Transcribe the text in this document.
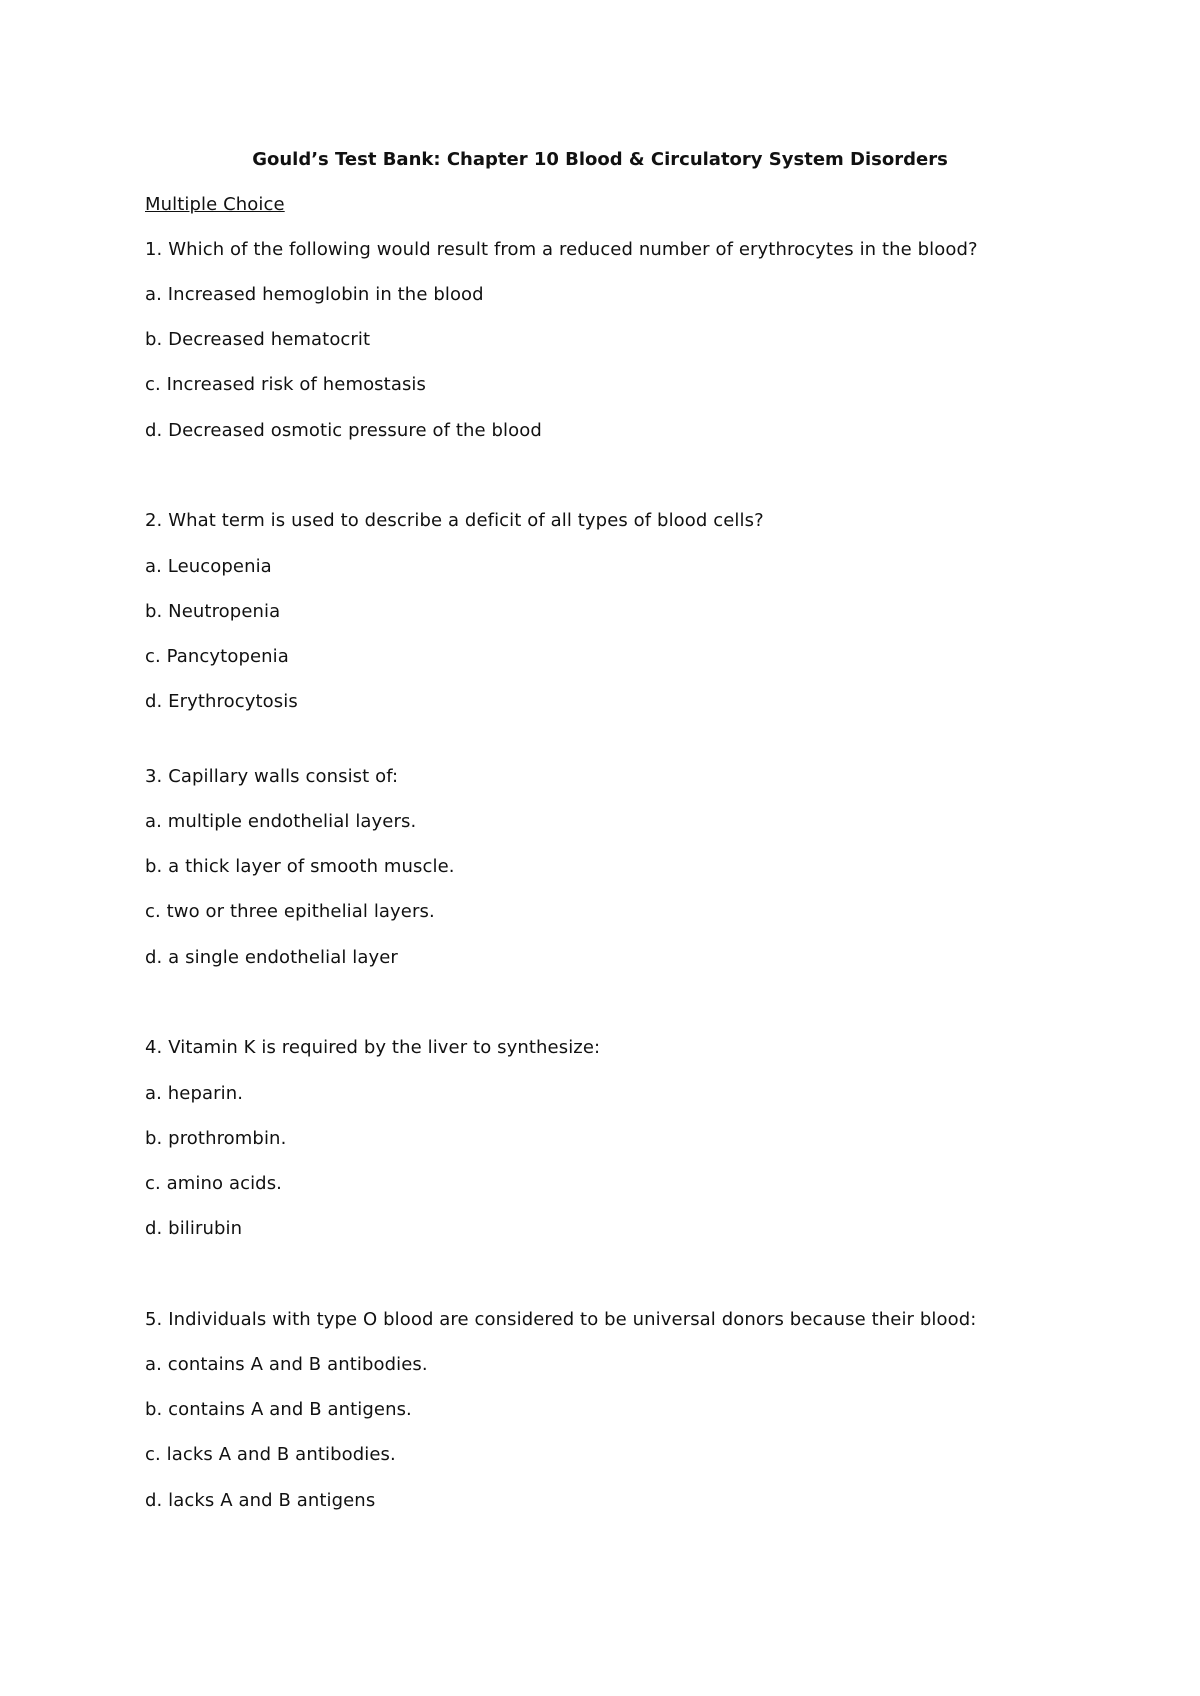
Gould’s Test Bank: Chapter 10 Blood & Circulatory System Disorders
Multiple Choice
1. Which of the following would result from a reduced number of erythrocytes in the blood?
a. Increased hemoglobin in the blood
b. Decreased hematocrit
c. Increased risk of hemostasis
d. Decreased osmotic pressure of the blood
2. What term is used to describe a deficit of all types of blood cells?
a. Leucopenia
b. Neutropenia
c. Pancytopenia
d. Erythrocytosis
3. Capillary walls consist of:
a. multiple endothelial layers.
b. a thick layer of smooth muscle.
c. two or three epithelial layers.
d. a single endothelial layer
4. Vitamin K is required by the liver to synthesize:
a. heparin.
b. prothrombin.
c. amino acids.
d. bilirubin
5. Individuals with type O blood are considered to be universal donors because their blood:
a. contains A and B antibodies.
b. contains A and B antigens.
c. lacks A and B antibodies.
d. lacks A and B antigens
